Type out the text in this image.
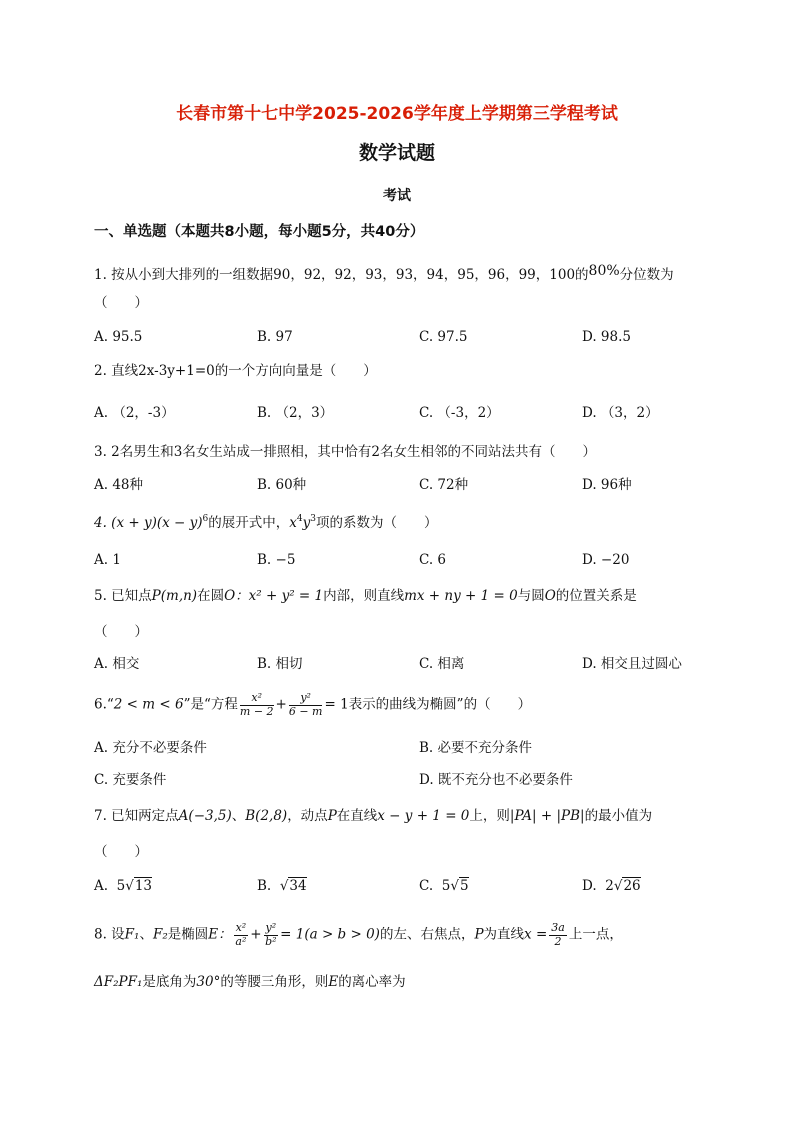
长春市第十七中学2025-2026学年度上学期第三学程考试
数学试题
考试
一、单选题（本题共8小题，每小题5分，共40分）
1. 按从小到大排列的一组数据90，92，92，93，93，94，95，96，99，100的80%分位数为
（　　）
A. 95.5	B. 97	C. 97.5	D. 98.5
2. 直线2x-3y+1=0的一个方向向量是（　　）
A. （2，-3）	B. （2，3）	C. （-3，2）	D. （3，2）
3. 2名男生和3名女生站成一排照相，其中恰有2名女生相邻的不同站法共有（　　）
A. 48种	B. 60种	C. 72种	D. 96种
4. $(x + y)(x - y)^6$的展开式中，$x^4y^3$项的系数为（　　）
A. 1	B. −5	C. 6	D. −20
5. 已知点P(m,n)在圆O：x² + y² = 1内部，则直线mx + ny + 1 = 0与圆O的位置关系是
（　　）
A. 相交	B. 相切	C. 相离	D. 相交且过圆心
6.“2 < m < 6”是“方程 $\frac{\text{x²}}{m - 2} + \frac{\text{y²}}{6 - m} = 1$表示的曲线为椭圆”的（　　）
A. 充分不必要条件	B. 必要不充分条件
C. 充要条件	D. 既不充分也不必要条件
7. 已知两定点A(−3,5)、B(2,8)，动点P在直线x − y + 1 = 0上，则|PA| + |PB|的最小值为
（　　）
A. 5√13	B. √34	C. 5√5	D. 2√26
8. 设F₁、F₂是椭圆E： $\frac{\text{x²}}{\text{a²}} + \frac{\text{y²}}{\text{b²}} = 1(a > b > 0)$的左、右焦点，P为直线$x = \frac{3a}{2}$ 上一点，
ΔF₂PF₁是底角为30°的等腰三角形，则E的离心率为
